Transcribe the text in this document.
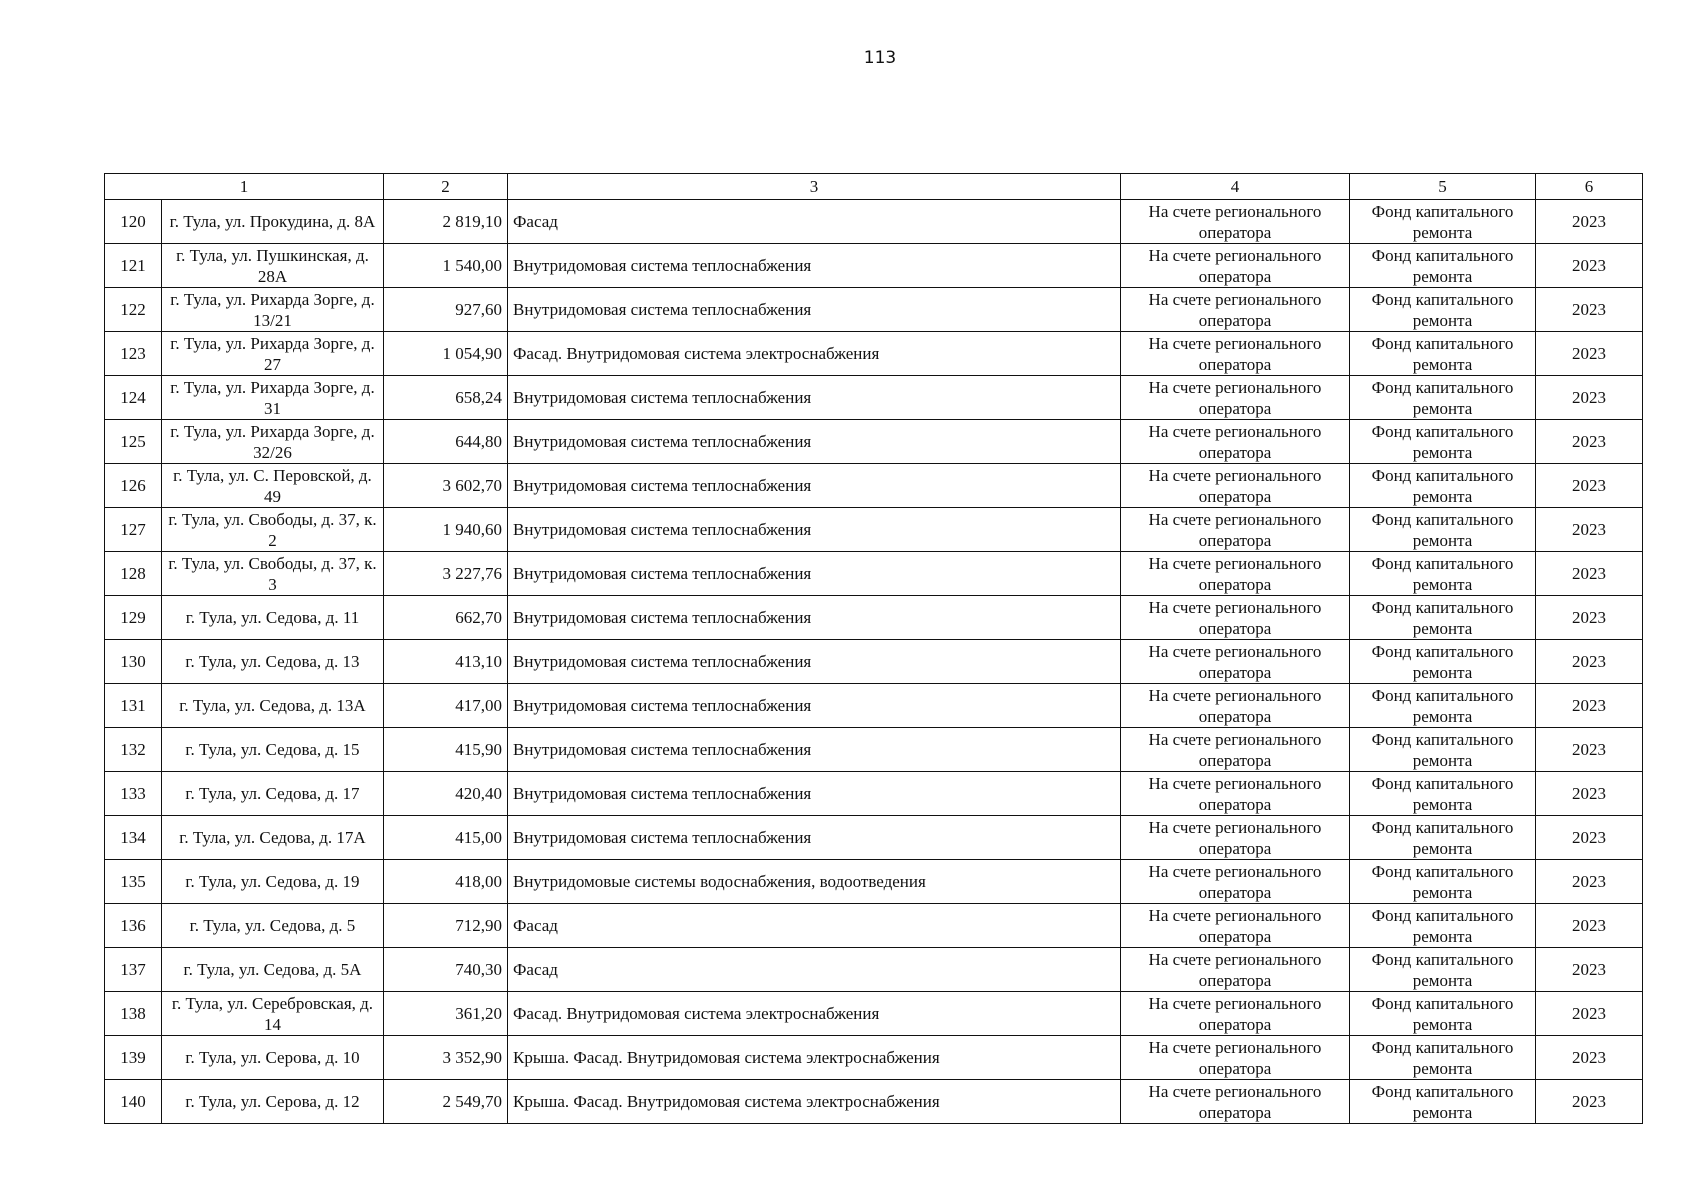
113
1		2	3	4	5	6
120	г. Тула, ул. Прокудина, д. 8А	2 819,10	Фасад	На счете регионального оператора	Фонд капитального ремонта	2023
121	г. Тула, ул. Пушкинская, д. 28А	1 540,00	Внутридомовая система теплоснабжения	На счете регионального оператора	Фонд капитального ремонта	2023
122	г. Тула, ул. Рихарда Зорге, д. 13/21	927,60	Внутридомовая система теплоснабжения	На счете регионального оператора	Фонд капитального ремонта	2023
123	г. Тула, ул. Рихарда Зорге, д. 27	1 054,90	Фасад. Внутридомовая система электроснабжения	На счете регионального оператора	Фонд капитального ремонта	2023
124	г. Тула, ул. Рихарда Зорге, д. 31	658,24	Внутридомовая система теплоснабжения	На счете регионального оператора	Фонд капитального ремонта	2023
125	г. Тула, ул. Рихарда Зорге, д. 32/26	644,80	Внутридомовая система теплоснабжения	На счете регионального оператора	Фонд капитального ремонта	2023
126	г. Тула, ул. С. Перовской, д. 49	3 602,70	Внутридомовая система теплоснабжения	На счете регионального оператора	Фонд капитального ремонта	2023
127	г. Тула, ул. Свободы, д. 37, к. 2	1 940,60	Внутридомовая система теплоснабжения	На счете регионального оператора	Фонд капитального ремонта	2023
128	г. Тула, ул. Свободы, д. 37, к. 3	3 227,76	Внутридомовая система теплоснабжения	На счете регионального оператора	Фонд капитального ремонта	2023
129	г. Тула, ул. Седова, д. 11	662,70	Внутридомовая система теплоснабжения	На счете регионального оператора	Фонд капитального ремонта	2023
130	г. Тула, ул. Седова, д. 13	413,10	Внутридомовая система теплоснабжения	На счете регионального оператора	Фонд капитального ремонта	2023
131	г. Тула, ул. Седова, д. 13А	417,00	Внутридомовая система теплоснабжения	На счете регионального оператора	Фонд капитального ремонта	2023
132	г. Тула, ул. Седова, д. 15	415,90	Внутридомовая система теплоснабжения	На счете регионального оператора	Фонд капитального ремонта	2023
133	г. Тула, ул. Седова, д. 17	420,40	Внутридомовая система теплоснабжения	На счете регионального оператора	Фонд капитального ремонта	2023
134	г. Тула, ул. Седова, д. 17А	415,00	Внутридомовая система теплоснабжения	На счете регионального оператора	Фонд капитального ремонта	2023
135	г. Тула, ул. Седова, д. 19	418,00	Внутридомовые системы водоснабжения, водоотведения	На счете регионального оператора	Фонд капитального ремонта	2023
136	г. Тула, ул. Седова, д. 5	712,90	Фасад	На счете регионального оператора	Фонд капитального ремонта	2023
137	г. Тула, ул. Седова, д. 5А	740,30	Фасад	На счете регионального оператора	Фонд капитального ремонта	2023
138	г. Тула, ул. Серебровская, д. 14	361,20	Фасад. Внутридомовая система электроснабжения	На счете регионального оператора	Фонд капитального ремонта	2023
139	г. Тула, ул. Серова, д. 10	3 352,90	Крыша. Фасад. Внутридомовая система электроснабжения	На счете регионального оператора	Фонд капитального ремонта	2023
140	г. Тула, ул. Серова, д. 12	2 549,70	Крыша. Фасад. Внутридомовая система электроснабжения	На счете регионального оператора	Фонд капитального ремонта	2023
